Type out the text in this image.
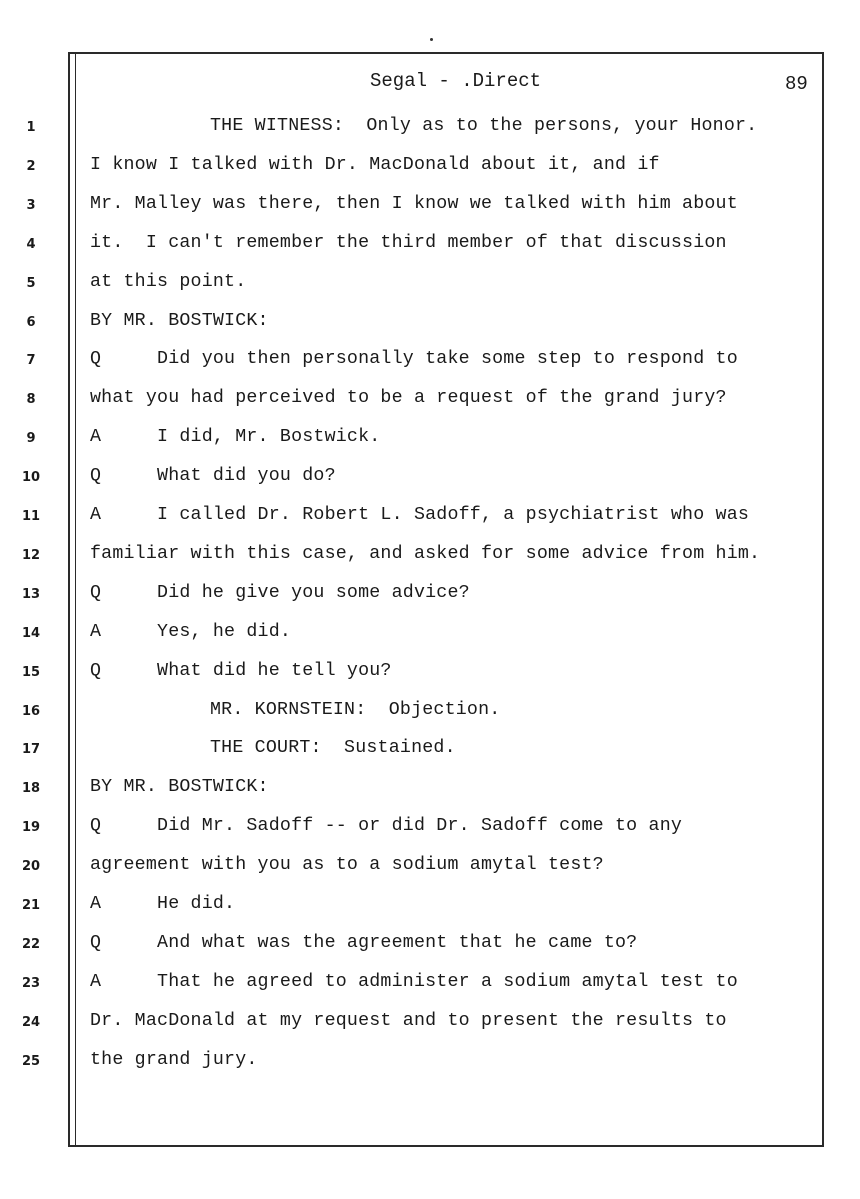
Segal - .Direct	89
1	THE WITNESS:  Only as to the persons, your Honor.
2	I know I talked with Dr. MacDonald about it, and if
3	Mr. Malley was there, then I know we talked with him about
4	it.  I can't remember the third member of that discussion
5	at this point.
6	BY MR. BOSTWICK:
7	Q     Did you then personally take some step to respond to
8	what you had perceived to be a request of the grand jury?
9	A     I did, Mr. Bostwick.
10	Q     What did you do?
11	A     I called Dr. Robert L. Sadoff, a psychiatrist who was
12	familiar with this case, and asked for some advice from him.
13	Q     Did he give you some advice?
14	A     Yes, he did.
15	Q     What did he tell you?
16	MR. KORNSTEIN:  Objection.
17	THE COURT:  Sustained.
18	BY MR. BOSTWICK:
19	Q     Did Mr. Sadoff -- or did Dr. Sadoff come to any
20	agreement with you as to a sodium amytal test?
21	A     He did.
22	Q     And what was the agreement that he came to?
23	A     That he agreed to administer a sodium amytal test to
24	Dr. MacDonald at my request and to present the results to
25	the grand jury.
